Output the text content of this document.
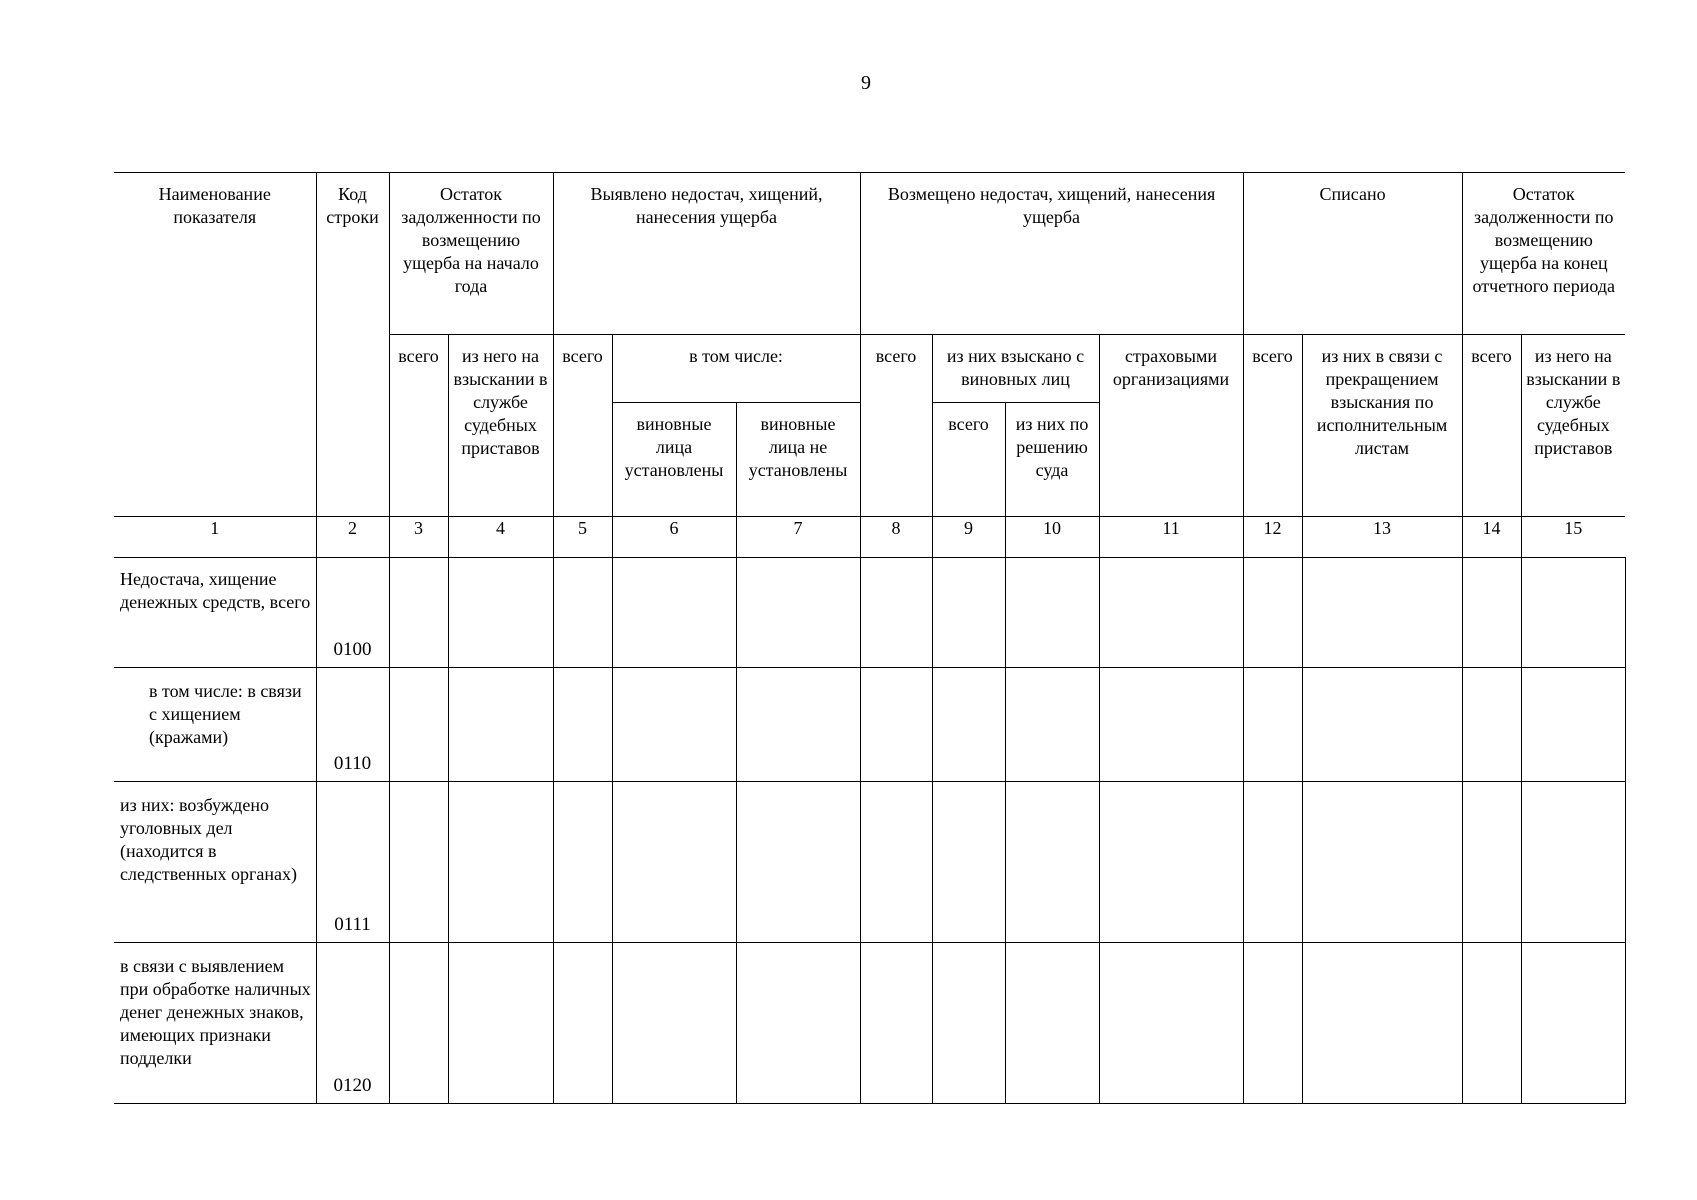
9
Наименование показателя	Код строки	Остаток задолженности по возмещению ущерба на начало года		Выявлено недостач, хищений, нанесения ущерба			Возмещено недостач, хищений, нанесения ущерба				Списано		Остаток задолженности по возмещению ущерба на конец отчетного периода	

		всего	из него на взыскании в службе судебных приставов	всего	в том числе:		всего	из них взыскано с виновных лиц		страховыми организациями	всего	из них в связи с прекращением взыскания по исполнительным листам	всего	из него на взыскании в службе судебных приставов

					виновные лица установлены	виновные лица не установлены		всего	из них по решению суда					

1	2	3	4	5	6	7	8	9	10	11	12	13	14	15
Недостача, хищение денежных средств, всего	0100													
в том числе: в связи с хищением (кражами)	0110													
из них: возбуждено уголовных дел (находится в следственных органах)	0111													
в связи с выявлением при обработке наличных денег денежных знаков, имеющих признаки подделки	0120													
